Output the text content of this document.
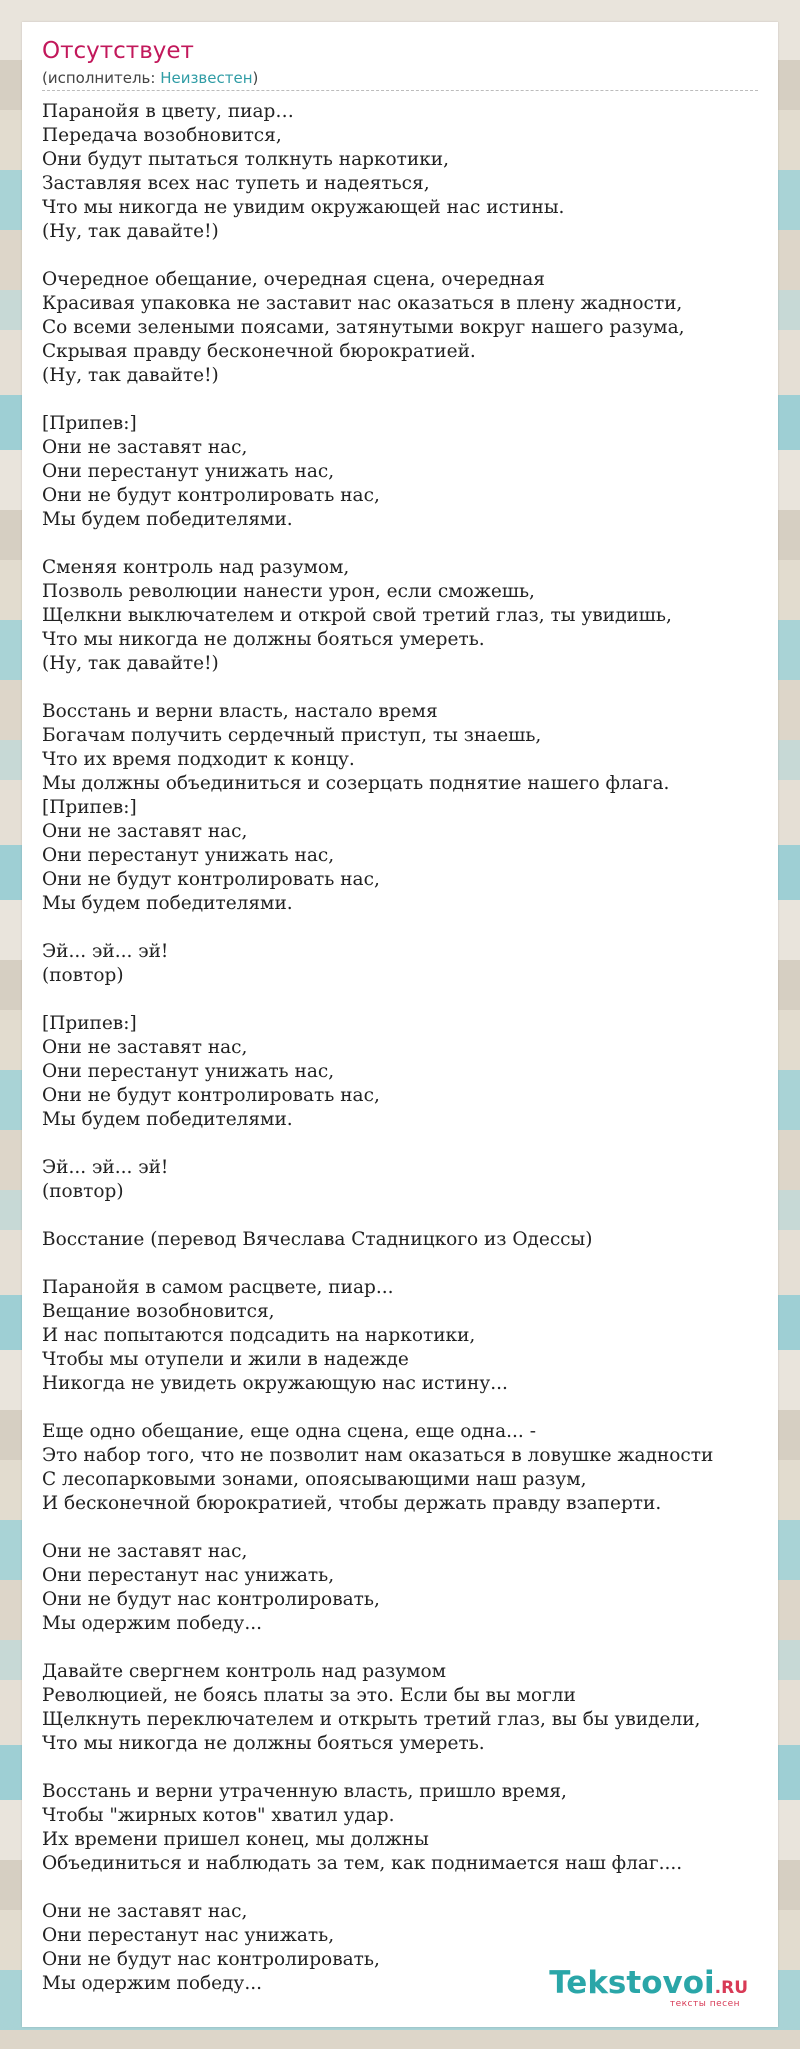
Отсутствует
(исполнитель: Неизвестен)
Паранойя в цвету, пиар…
Передача возобновится,
Они будут пытаться толкнуть наркотики,
Заставляя всех нас тупеть и надеяться,
Что мы никогда не увидим окружающей нас истины.
(Ну, так давайте!)
Очередное обещание, очередная сцена, очередная
Красивая упаковка не заставит нас оказаться в плену жадности,
Со всеми зелеными поясами, затянутыми вокруг нашего разума,
Скрывая правду бесконечной бюрократией.
(Ну, так давайте!)
[Припев:]
Они не заставят нас,
Они перестанут унижать нас,
Они не будут контролировать нас,
Мы будем победителями.
Сменяя контроль над разумом,
Позволь революции нанести урон, если сможешь,
Щелкни выключателем и открой свой третий глаз, ты увидишь,
Что мы никогда не должны бояться умереть.
(Ну, так давайте!)
Восстань и верни власть, настало время
Богачам получить сердечный приступ, ты знаешь,
Что их время подходит к концу.
Мы должны объединиться и созерцать поднятие нашего флага.
[Припев:]
Они не заставят нас,
Они перестанут унижать нас,
Они не будут контролировать нас,
Мы будем победителями.
Эй... эй... эй!
(повтор)
[Припев:]
Они не заставят нас,
Они перестанут унижать нас,
Они не будут контролировать нас,
Мы будем победителями.
Эй... эй... эй!
(повтор)
Восстание (перевод Вячеслава Стадницкого из Одессы)
Паранойя в самом расцвете, пиар...
Вещание возобновится,
И нас попытаются подсадить на наркотики,
Чтобы мы отупели и жили в надежде
Никогда не увидеть окружающую нас истину...
Еще одно обещание, еще одна сцена, еще одна... -
Это набор того, что не позволит нам оказаться в ловушке жадности
С лесопарковыми зонами, опоясывающими наш разум,
И бесконечной бюрократией, чтобы держать правду взаперти.
Они не заставят нас,
Они перестанут нас унижать,
Они не будут нас контролировать,
Мы одержим победу...
Давайте свергнем контроль над разумом
Революцией, не боясь платы за это. Если бы вы могли
Щелкнуть переключателем и открыть третий глаз, вы бы увидели,
Что мы никогда не должны бояться умереть.
Восстань и верни утраченную власть, пришло время,
Чтобы "жирных котов" хватил удар.
Их времени пришел конец, мы должны
Объединиться и наблюдать за тем, как поднимается наш флаг....
Они не заставят нас,
Они перестанут нас унижать,
Они не будут нас контролировать,
Мы одержим победу...	Tekstovoi.RU
тексты песен
